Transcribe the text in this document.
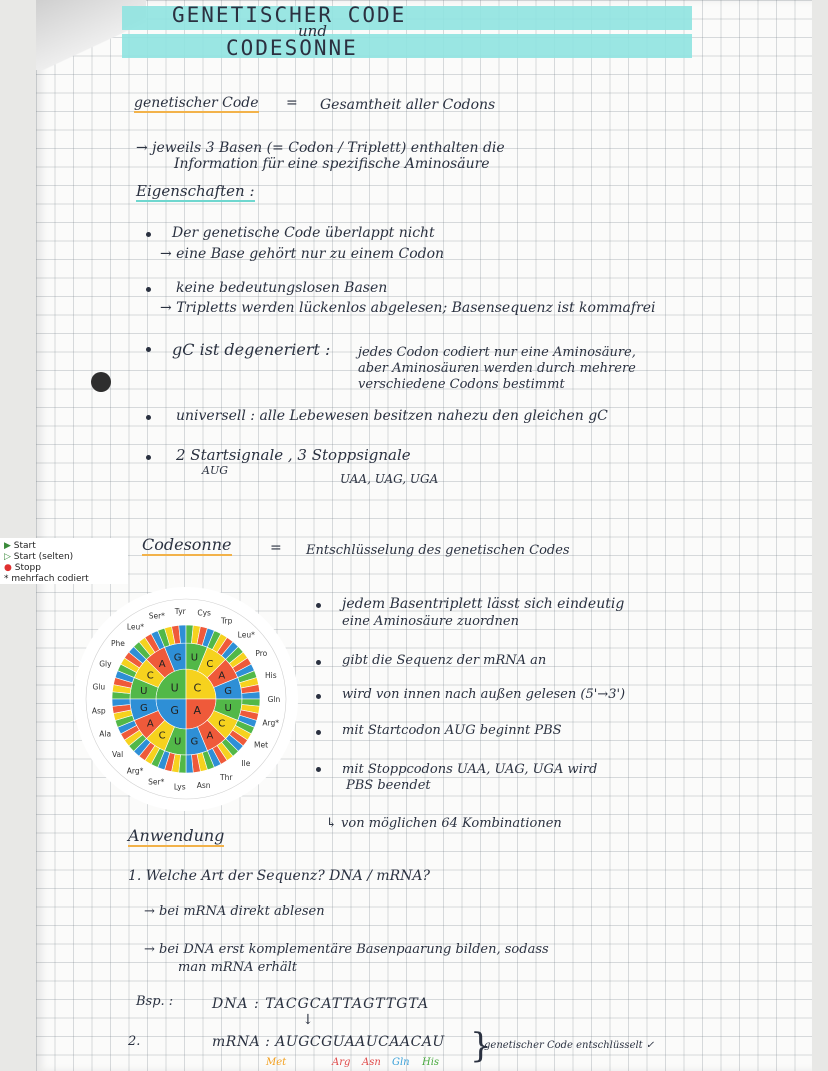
GENETISCHER CODE
und
CODESONNE
genetischer Code = Gesamtheit aller Codons
→ jeweils 3 Basen (= Codon / Triplett) enthalten die
Information für eine spezifische Aminosäure
Eigenschaften :
Der genetische Code überlappt nicht
→ eine Base gehört nur zu einem Codon
keine bedeutungslosen Basen
→ Tripletts werden lückenlos abgelesen; Basensequenz ist kommafrei
gC ist degeneriert : jedes Codon codiert nur eine Aminosäure,
aber Aminosäuren werden durch mehrere
verschiedene Codons bestimmt
universell : alle Lebewesen besitzen nahezu den gleichen gC
2 Startsignale , 3 Stoppsignale
AUG
UAA, UAG, UGA
Codesonne	= Entschlüsselung des genetischen Codes
jedem Basentriplett lässt sich eindeutig
eine Aminosäure zuordnen
gibt die Sequenz der mRNA an
wird von innen nach außen gelesen (5'→3')
mit Startcodon AUG beginnt PBS
mit Stoppcodons UAA, UAG, UGA wird
PBS beendet
↳ von möglichen 64 Kombinationen
Anwendung
1. Welche Art der Sequenz? DNA / mRNA?
→ bei mRNA direkt ablesen
→ bei DNA erst komplementäre Basenpaarung bilden, sodass
man mRNA erhält
Bsp. :	DNA : TACGCATTAGTTGTA
↓
2.	mRNA : AUGCGUAAUCAACAU }
genetischer Code entschlüsselt ✓
Met	Arg Asn Gln His
▶ Start
▷ Start (selten)
● Stopp
* mehrfach codiert
U C
A
G
U
C
A
G U
C
A
G
U
C
A
G
U
C
A
G
Glu
Gly
Phe
Leu*
Ser*
Tyr Cys
Trp
Leu*
Pro
His
Gln
Arg*
Met
Ile
Thr
Asn
Lys
Ser*
Arg*
Val
Ala
Asp
